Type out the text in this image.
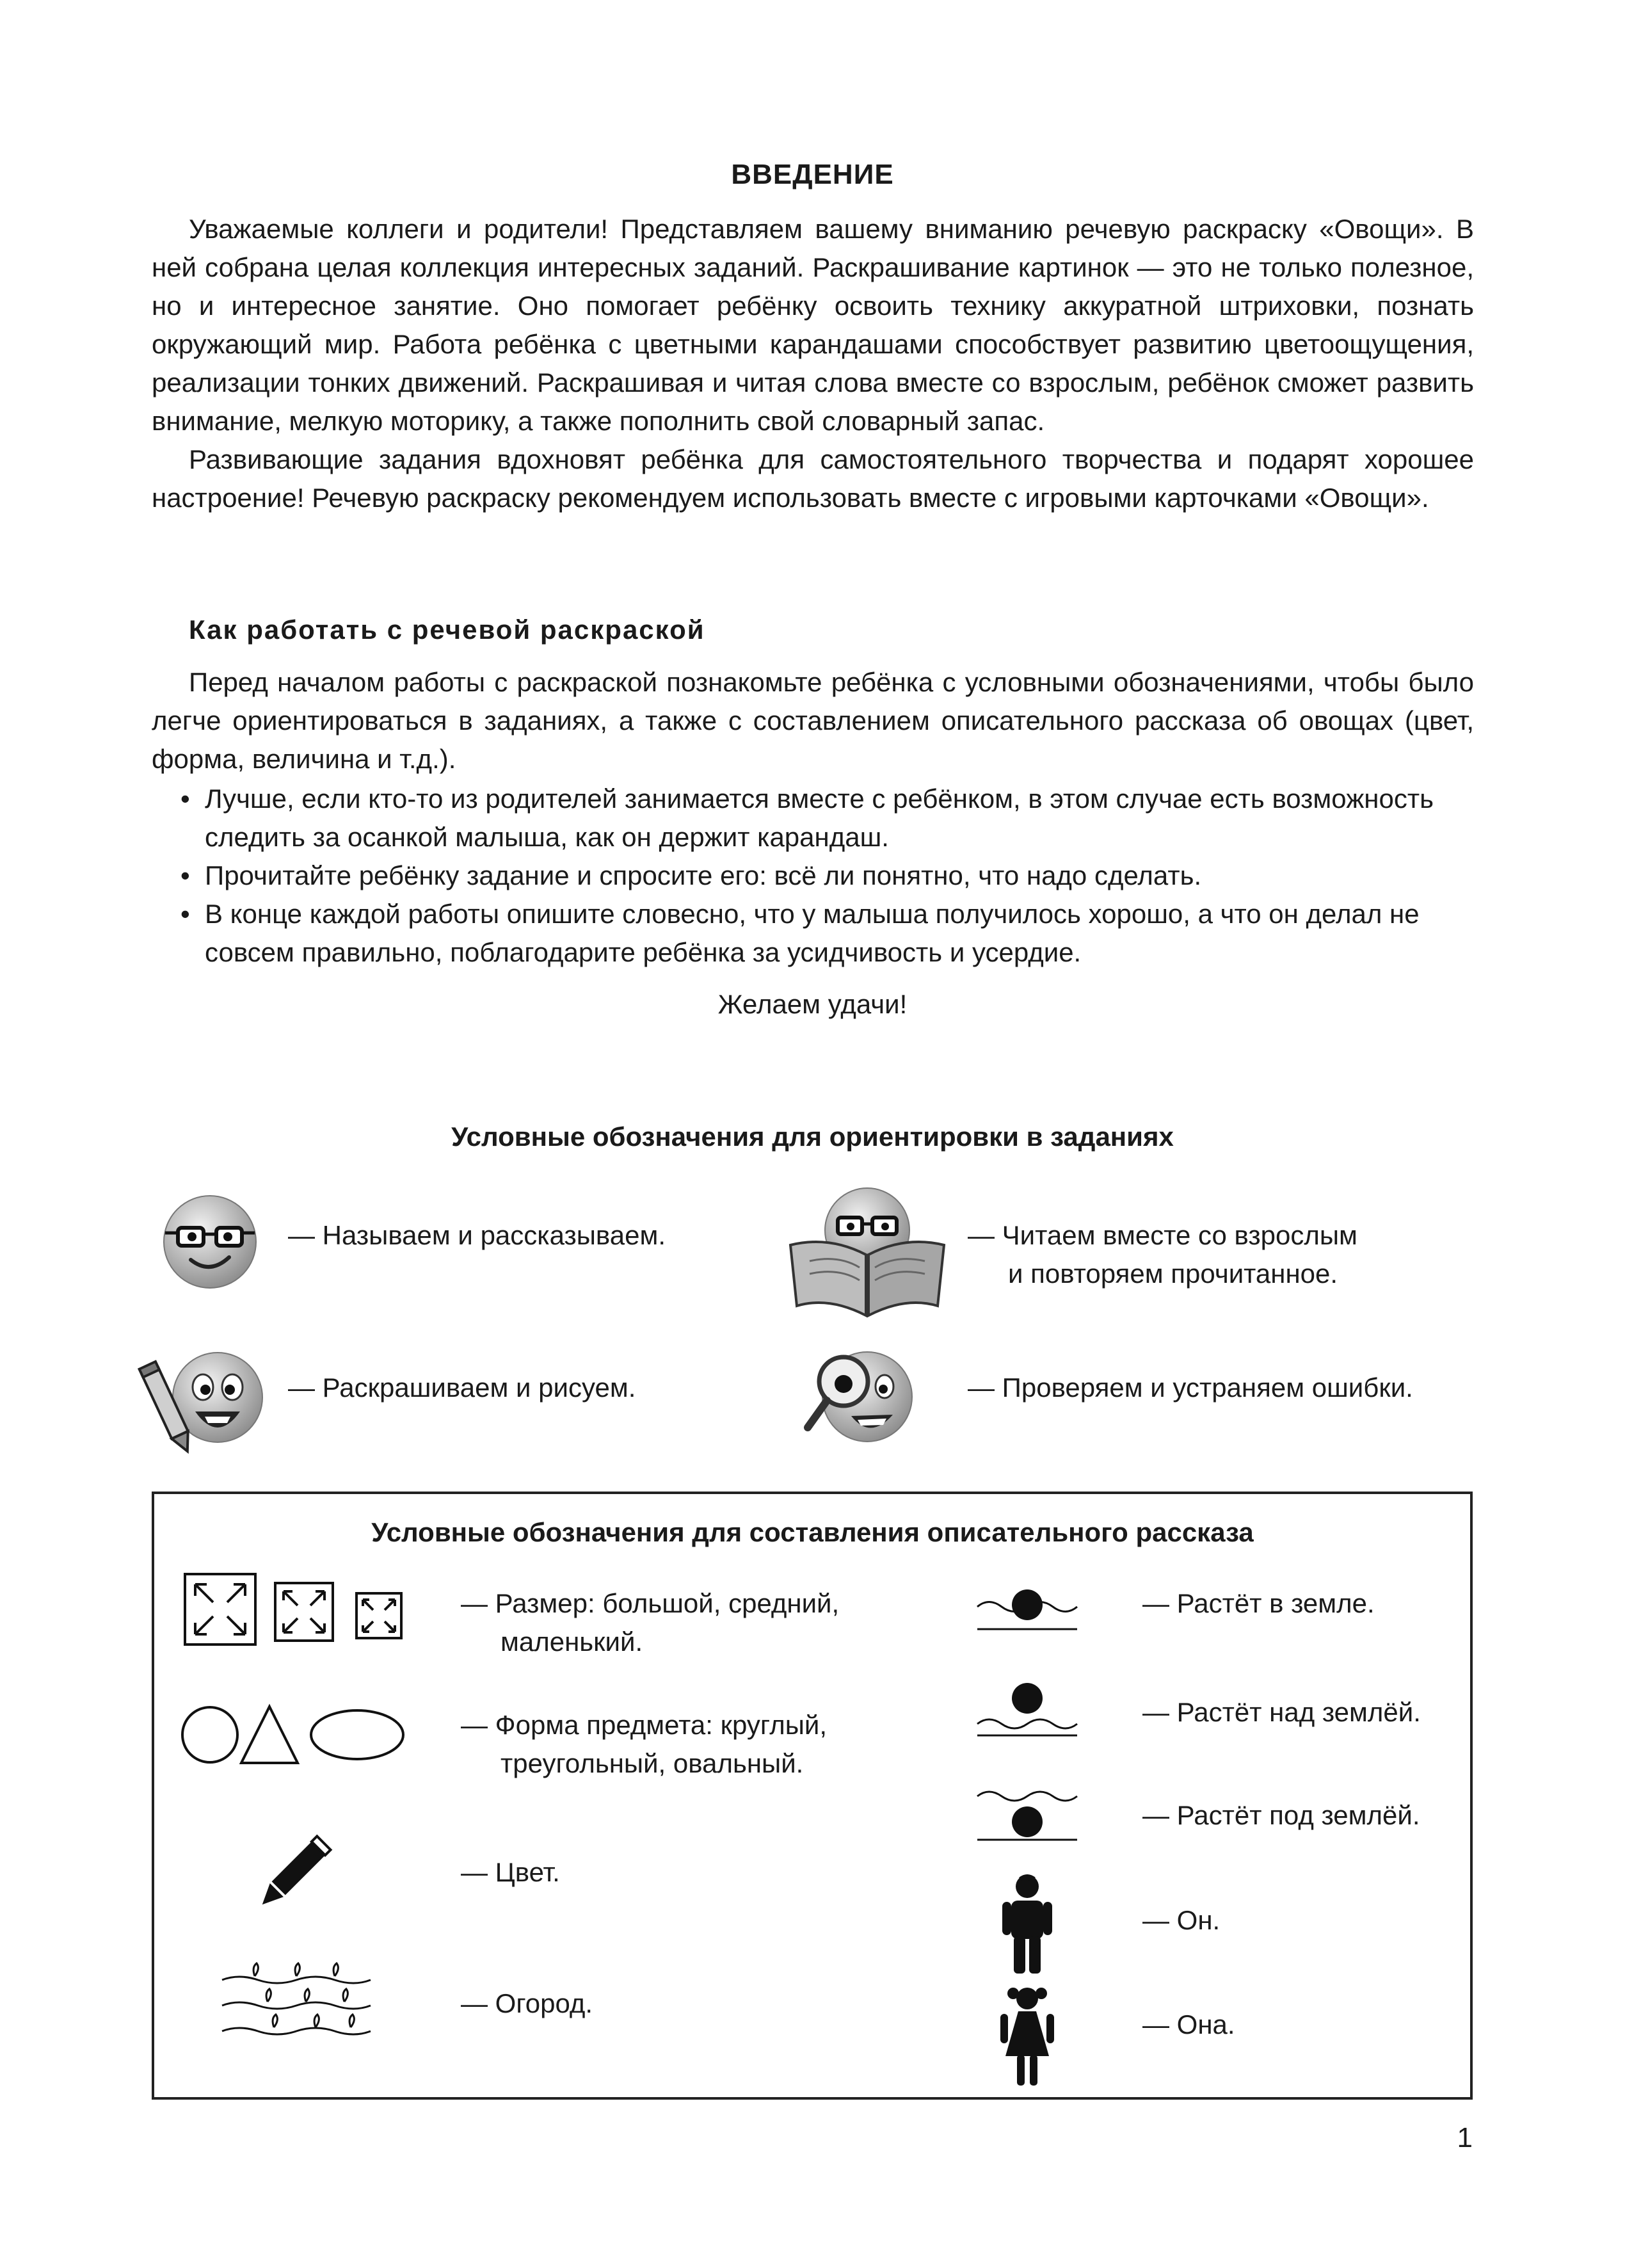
ВВЕДЕНИЕ

Уважаемые коллеги и родители! Представляем вашему вниманию речевую раскраску «Овощи». В ней собрана целая коллекция интересных заданий. Раскрашивание картинок — это не только полезное, но и интересное занятие. Оно помогает ребёнку освоить технику аккуратной штриховки, познать окружающий мир. Работа ребёнка с цветными карандашами способствует развитию цветоощущения, реализации тонких движений. Раскрашивая и читая слова вместе со взрослым, ребёнок сможет развить внимание, мелкую моторику, а также пополнить свой словарный запас.

Развивающие задания вдохновят ребёнка для самостоятельного творчества и подарят хорошее настроение! Речевую раскраску рекомендуем использовать вместе с игровыми карточками «Овощи».

Как работать с речевой раскраской

Перед началом работы с раскраской познакомьте ребёнка с условными обозначениями, чтобы было легче ориентироваться в заданиях, а также с составлением описательного рассказа об овощах (цвет, форма, величина и т.д.).

• Лучше, если кто-то из родителей занимается вместе с ребёнком, в этом случае есть возможность следить за осанкой малыша, как он держит карандаш.

• Прочитайте ребёнку задание и спросите его: всё ли понятно, что надо сделать.

• В конце каждой работы опишите словесно, что у малыша получилось хорошо, а что он делал не совсем правильно, поблагодарите ребёнка за усидчивость и усердие.

Желаем удачи!
Условные обозначения для ориентировки в заданиях
— Называем и рассказываем.	— Читаем вместе со взрослым
и повторяем прочитанное.
— Раскрашиваем и рисуем.	— Проверяем и устраняем ошибки.
Условные обозначения для составления описательного рассказа
— Размер: большой, средний,
маленький.
— Форма предмета: круглый,
треугольный, овальный.
— Цвет.
— Огород.
— Растёт в земле.
— Растёт над землёй.
— Растёт под землёй.
— Он.
— Она.
1
